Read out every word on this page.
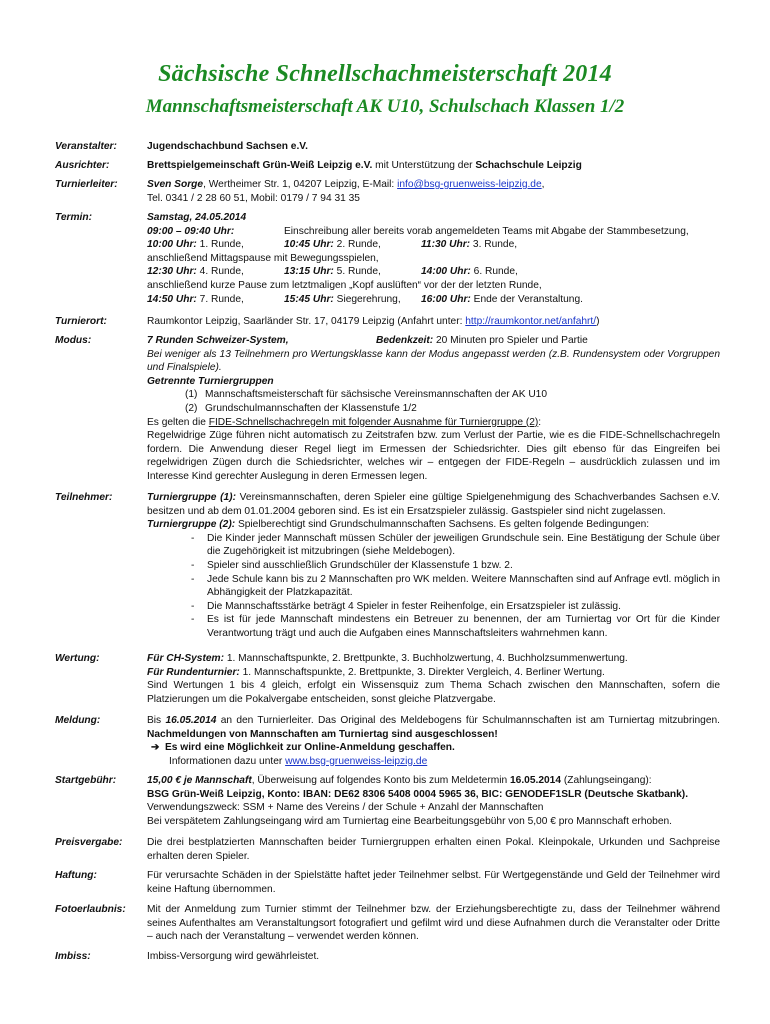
Sächsische Schnellschachmeisterschaft 2014
Mannschaftsmeisterschaft AK U10, Schulschach Klassen 1/2
Veranstalter:	Jugendschachbund Sachsen e.V.
Ausrichter:	Brettspielgemeinschaft Grün-Weiß Leipzig e.V. mit Unterstützung der Schachschule Leipzig
Turnierleiter:	Sven Sorge, Wertheimer Str. 1, 04207 Leipzig, E-Mail: info@bsg-gruenweiss-leipzig.de,
Tel. 0341 / 2 28 60 51, Mobil: 0179 / 7 94 31 35
Termin:	Samstag, 24.05.2014
09:00 – 09:40 Uhr:	Einschreibung aller bereits vorab angemeldeten Teams mit Abgabe der Stammbesetzung,
10:00 Uhr: 1. Runde,	10:45 Uhr: 2. Runde,	11:30 Uhr: 3. Runde,
anschließend Mittagspause mit Bewegungsspielen,
12:30 Uhr: 4. Runde,	13:15 Uhr: 5. Runde,	14:00 Uhr: 6. Runde,
anschließend kurze Pause zum letztmaligen „Kopf auslüften“ vor der der letzten Runde,
14:50 Uhr: 7. Runde,	15:45 Uhr: Siegerehrung, 16:00 Uhr: Ende der Veranstaltung.
Turnierort:	Raumkontor Leipzig, Saarländer Str. 17, 04179 Leipzig (Anfahrt unter: http://raumkontor.net/anfahrt/)
Modus:	7 Runden Schweizer-System,	Bedenkzeit: 20 Minuten pro Spieler und Partie
Bei weniger als 13 Teilnehmern pro Wertungsklasse kann der Modus angepasst werden (z.B. Rundensystem oder Vorgruppen und Finalspiele).
Getrennte Turniergruppen
(1) Mannschaftsmeisterschaft für sächsische Vereinsmannschaften der AK U10
(2) Grundschulmannschaften der Klassenstufe 1/2
Es gelten die FIDE-Schnellschachregeln mit folgender Ausnahme für Turniergruppe (2):
Regelwidrige Züge führen nicht automatisch zu Zeitstrafen bzw. zum Verlust der Partie, wie es die FIDE-Schnellschachregeln fordern. Die Anwendung dieser Regel liegt im Ermessen der Schiedsrichter. Dies gilt ebenso für das Eingreifen bei regelwidrigen Zügen durch die Schiedsrichter, welches wir – entgegen der FIDE-Regeln – ausdrücklich zulassen und im Interesse Kind gerechter Auslegung in deren Ermessen legen.
Teilnehmer:	Turniergruppe (1): Vereinsmannschaften, deren Spieler eine gültige Spielgenehmigung des Schachverbandes Sachsen e.V. besitzen und ab dem 01.01.2004 geboren sind. Es ist ein Ersatzspieler zulässig. Gastspieler sind nicht zugelassen.
Turniergruppe (2): Spielberechtigt sind Grundschulmannschaften Sachsens. Es gelten folgende Bedingungen:
- Die Kinder jeder Mannschaft müssen Schüler der jeweiligen Grundschule sein. Eine Bestätigung der Schule über die Zugehörigkeit ist mitzubringen (siehe Meldebogen).
- Spieler sind ausschließlich Grundschüler der Klassenstufe 1 bzw. 2.
- Jede Schule kann bis zu 2 Mannschaften pro WK melden. Weitere Mannschaften sind auf Anfrage evtl. möglich in Abhängigkeit der Platzkapazität.
- Die Mannschaftsstärke beträgt 4 Spieler in fester Reihenfolge, ein Ersatzspieler ist zulässig.
- Es ist für jede Mannschaft mindestens ein Betreuer zu benennen, der am Turniertag vor Ort für die Kinder Verantwortung trägt und auch die Aufgaben eines Mannschaftsleiters wahrnehmen kann.
Wertung:	Für CH-System: 1. Mannschaftspunkte, 2. Brettpunkte, 3. Buchholzwertung, 4. Buchholzsummenwertung.
Für Rundenturnier: 1. Mannschaftspunkte, 2. Brettpunkte, 3. Direkter Vergleich, 4. Berliner Wertung.
Sind Wertungen 1 bis 4 gleich, erfolgt ein Wissensquiz zum Thema Schach zwischen den Mannschaften, sofern die Platzierungen um die Pokalvergabe entscheiden, sonst gleiche Platzvergabe.
Meldung:	Bis 16.05.2014 an den Turnierleiter. Das Original des Meldebogens für Schulmannschaften ist am Turniertag mitzubringen. Nachmeldungen von Mannschaften am Turniertag sind ausgeschlossen!
➔ Es wird eine Möglichkeit zur Online-Anmeldung geschaffen.
Informationen dazu unter www.bsg-gruenweiss-leipzig.de
Startgebühr:	15,00 € je Mannschaft, Überweisung auf folgendes Konto bis zum Meldetermin 16.05.2014 (Zahlungseingang):
BSG Grün-Weiß Leipzig, Konto: IBAN: DE62 8306 5408 0004 5965 36, BIC: GENODEF1SLR (Deutsche Skatbank).
Verwendungszweck: SSM + Name des Vereins / der Schule + Anzahl der Mannschaften
Bei verspätetem Zahlungseingang wird am Turniertag eine Bearbeitungsgebühr von 5,00 € pro Mannschaft erhoben.
Preisvergabe:	Die drei bestplatzierten Mannschaften beider Turniergruppen erhalten einen Pokal. Kleinpokale, Urkunden und Sachpreise erhalten deren Spieler.
Haftung:	Für verursachte Schäden in der Spielstätte haftet jeder Teilnehmer selbst. Für Wertgegenstände und Geld der Teilnehmer wird keine Haftung übernommen.
Fotoerlaubnis:	Mit der Anmeldung zum Turnier stimmt der Teilnehmer bzw. der Erziehungsberechtigte zu, dass der Teilnehmer während seines Aufenthaltes am Veranstaltungsort fotografiert und gefilmt wird und diese Aufnahmen durch die Veranstalter oder Dritte – auch nach der Veranstaltung – verwendet werden können.
Imbiss:	Imbiss-Versorgung wird gewährleistet.
